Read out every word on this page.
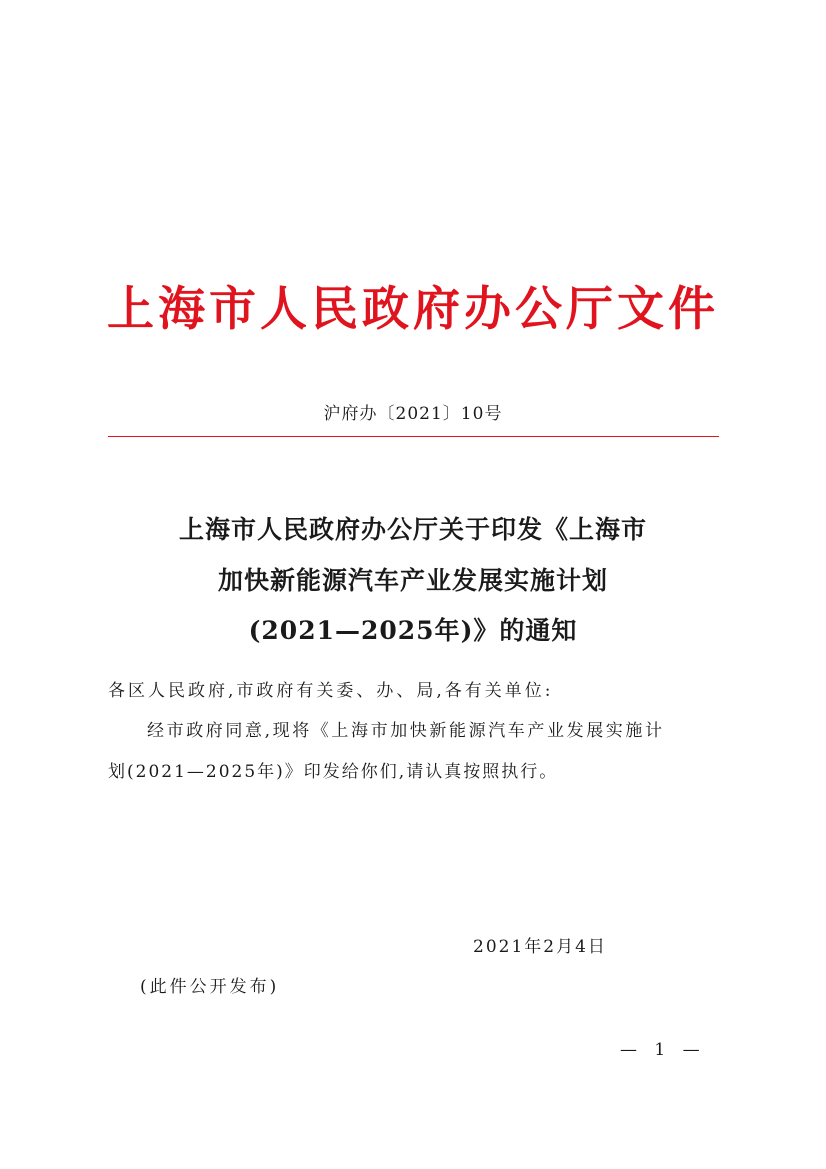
上海市人民政府办公厅文件
沪府办〔2021〕10号
上海市人民政府办公厅关于印发《上海市
加快新能源汽车产业发展实施计划
(2021—2025年)》的通知
各区人民政府,市政府有关委、办、局,各有关单位:
经市政府同意,现将《上海市加快新能源汽车产业发展实施计
划(2021—2025年)》印发给你们,请认真按照执行。
2021年2月4日
(此件公开发布)
— 1 —
